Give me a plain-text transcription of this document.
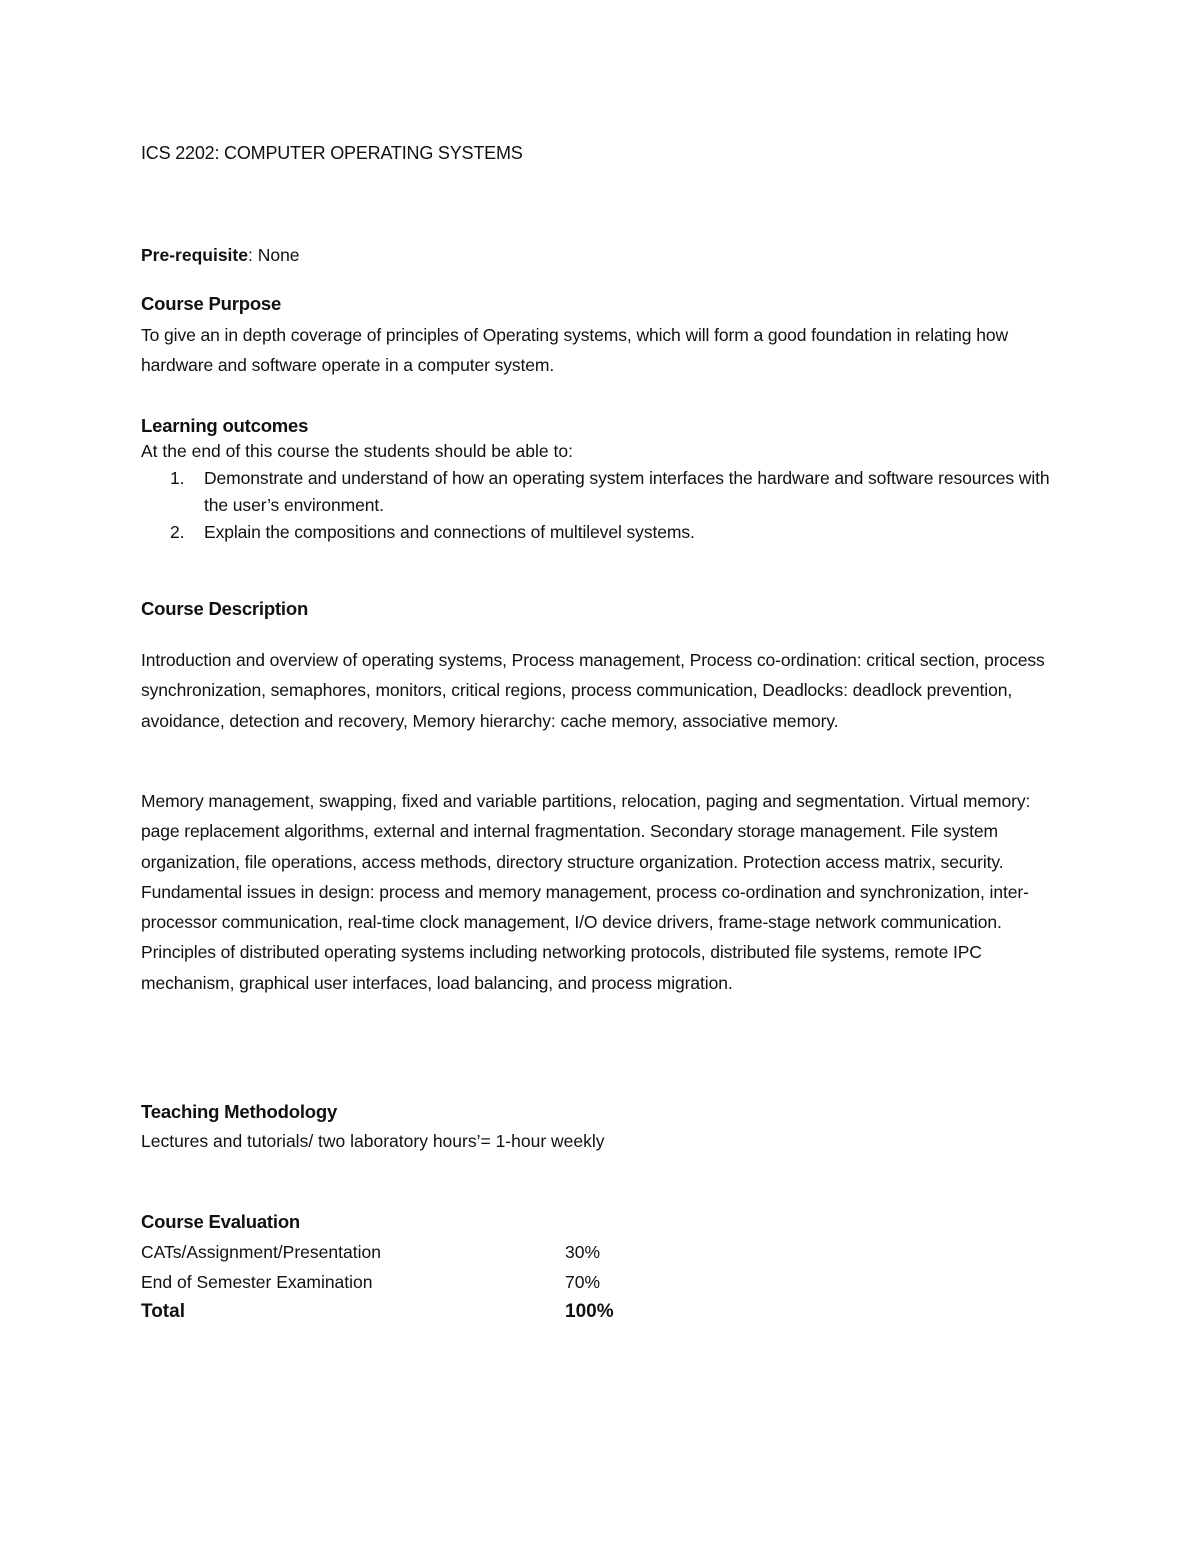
ICS 2202: COMPUTER OPERATING SYSTEMS
Pre-requisite: None
Course Purpose
To give an in depth coverage of principles of Operating systems, which will form a good foundation in relating how hardware and software operate in a computer system.
Learning outcomes
At the end of this course the students should be able to:
1. Demonstrate and understand of how an operating system interfaces the hardware and software resources with the user’s environment.
2. Explain the compositions and connections of multilevel systems.
Course Description
Introduction and overview of operating systems, Process management, Process co-ordination: critical section, process synchronization, semaphores, monitors, critical regions, process communication, Deadlocks: deadlock prevention, avoidance, detection and recovery, Memory hierarchy: cache memory, associative memory.
Memory management, swapping, fixed and variable partitions, relocation, paging and segmentation. Virtual memory: page replacement algorithms, external and internal fragmentation. Secondary storage management. File system organization, file operations, access methods, directory structure organization. Protection access matrix, security. Fundamental issues in design: process and memory management, process co-ordination and synchronization, inter-processor communication, real-time clock management, I/O device drivers, frame-stage network communication. Principles of distributed operating systems including networking protocols, distributed file systems, remote IPC mechanism, graphical user interfaces, load balancing, and process migration.
Teaching Methodology
Lectures and tutorials/ two laboratory hours’= 1-hour weekly
Course Evaluation
CATs/Assignment/Presentation	30%
End of Semester Examination	70%
Total	100%
